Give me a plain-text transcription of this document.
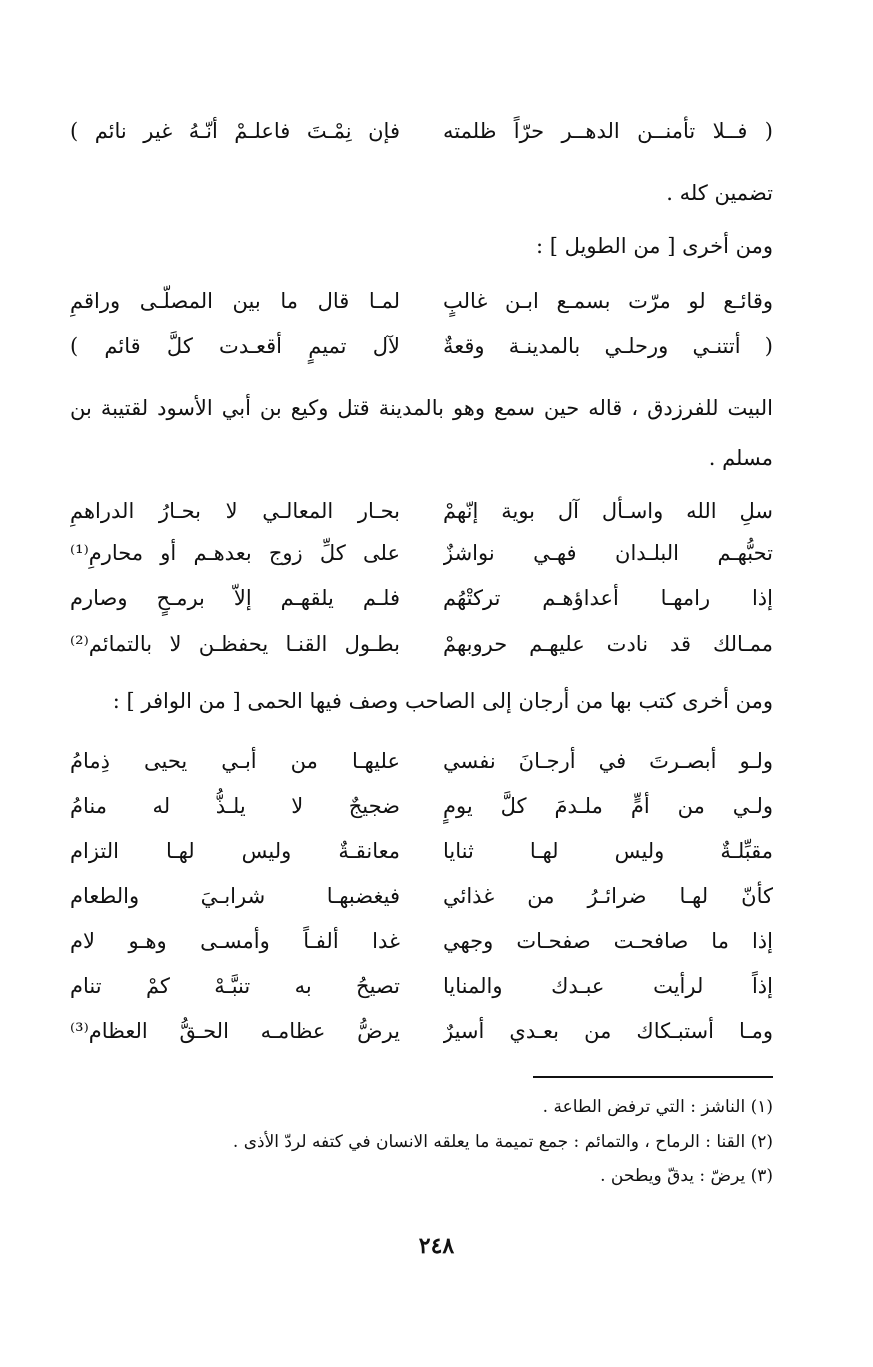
( فــلا تأمنــن الدهــر حرّاً ظلمته
فإن نِمْـتَ فاعلـمْ أنّـهُ غير نائم )
تضمين كله .
ومن أخرى [ من الطويل ] :
وقائـع لو مرّت بسمـع ابـن غالبٍ
لمـا قال ما بين المصلّـى وراقمِ
( أتتنـي ورحلـي بالمدينـة وقعةٌ
لآل تميمٍ أقعـدت كلَّ قائم )
البيت للفرزدق ، قاله حين سمع وهو بالمدينة قتل وكيع بن أبي الأسود لقتيبة بن مسلم .
سلِ الله واسـأل آل بوية إنّهمْ
بحـار المعالـي لا بحـارُ الدراهمِ
تحبُّهـم البلـدان فهـي نواشزٌ
على كلِّ زوج بعدهـم أو محارمِ⁽¹⁾
إذا رامهـا أعداؤهـم تركتْهُم
فلـم يلقهـم إلاّ برمـحٍ وصارم
ممـالك قد نادت عليهـم حروبهمْ
بطـول القنـا يحفظـن لا بالتمائم⁽²⁾
ومن أخرى كتب بها من أرجان إلى الصاحب وصف فيها الحمى [ من الوافر ] :
ولـو أبصـرتَ في أرجـانَ نفسي
عليهـا من أبـي يحيى ذِمامُ
ولـي من أمٍّ ملـدمَ كلَّ يومٍ
ضجيجٌ لا يلـذُّ له منامُ
مقبِّلـةٌ وليس لهـا ثنايا
معانقـةٌ وليس لهـا التزام
كأنّ لهـا ضرائـرُ من غذائي
فيغضبهـا شرابـيَ والطعام
إذا ما صافحـت صفحـات وجهي
غدا ألفـاً وأمسـى وهـو لام
إذاً لرأيت عبـدك والمنايا
تصيحُ به تنبَّـهْ كمْ تنام
ومـا أستبـكاك من بعـدي أسيرٌ
يرضُّ عظامـه الحـقُّ العظام⁽³⁾
(١) الناشز : التي ترفض الطاعة .
(٢) القنا : الرماح ، والتمائم : جمع تميمة ما يعلقه الانسان في كتفه لردّ الأذى .
(٣) يرضّ : يدقّ ويطحن .
٢٤٨
